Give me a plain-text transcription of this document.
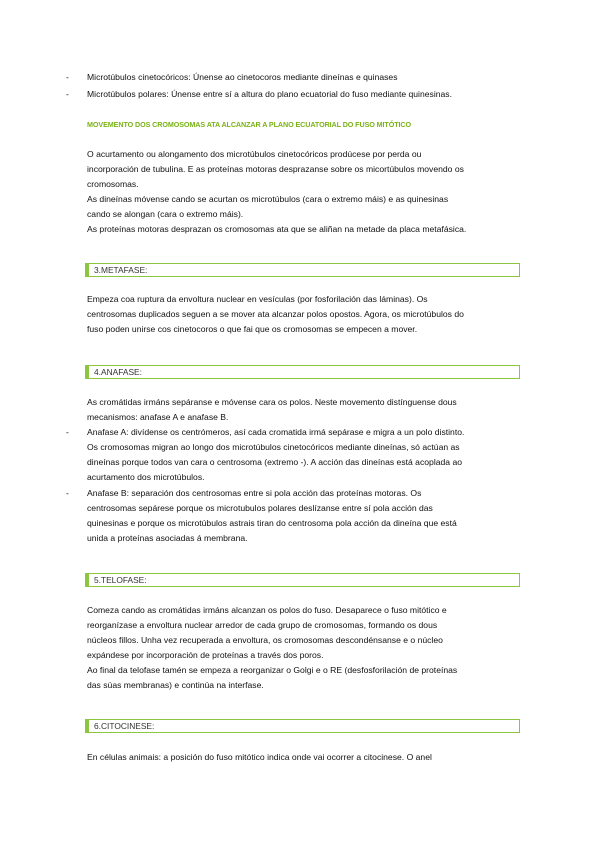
- Microtúbulos cinetocóricos: Únense ao cinetocoros mediante dineínas e quinases
- Microtúbulos polares: Únense entre sí a altura do plano ecuatorial do fuso mediante quinesinas.
MOVEMENTO DOS CROMOSOMAS ATA ALCANZAR A PLANO ECUATORIAL DO FUSO MITÓTICO
O acurtamento ou alongamento dos microtúbulos cinetocóricos prodúcese por perda ou
incorporación de tubulina. E as proteínas motoras desprazanse sobre os micortúbulos movendo os
cromosomas.
As dineínas móvense cando se acurtan os microtúbulos (cara o extremo máis) e as quinesinas
cando se alongan (cara o extremo máis).
As proteínas motoras desprazan os cromosomas ata que se aliñan na metade da placa metafásica.
3.METAFASE:
Empeza coa ruptura da envoltura nuclear en vesículas (por fosforilación das láminas). Os
centrosomas duplicados seguen a se mover ata alcanzar polos opostos. Agora, os microtúbulos do
fuso poden unirse cos cinetocoros o que fai que os cromosomas se empecen a mover.
4.ANAFASE:
As cromátidas irmáns sepáranse e móvense cara os polos. Neste movemento distínguense dous
mecanismos: anafase A e anafase B.
- Anafase A: divídense os centrómeros, así cada cromatida irmá sepárase e migra a un polo distinto.
Os cromosomas migran ao longo dos microtúbulos cinetocóricos mediante dineínas, só actúan as
dineínas porque todos van cara o centrosoma (extremo -). A acción das dineínas está acoplada ao
acurtamento dos microtúbulos.
- Anafase B: separación dos centrosomas entre si pola acción das proteínas motoras. Os
centrosomas sepárese porque os microtubulos polares deslízanse entre sí pola acción das
quinesinas e porque os microtúbulos astrais tiran do centrosoma pola acción da dineína que está
unida a proteínas asociadas á membrana.
5.TELOFASE:
Comeza cando as cromátidas irmáns alcanzan os polos do fuso. Desaparece o fuso mitótico e
reorganízase a envoltura nuclear arredor de cada grupo de cromosomas, formando os dous
núcleos fillos. Unha vez recuperada a envoltura, os cromosomas descondénsanse e o núcleo
expándese por incorporación de proteínas a través dos poros.
Ao final da telofase tamén se empeza a reorganizar o Golgi e o RE (desfosforilación de proteínas
das súas membranas) e continúa na interfase.
6.CITOCINESE:
En células animais: a posición do fuso mitótico indica onde vai ocorrer a citocinese. O anel
